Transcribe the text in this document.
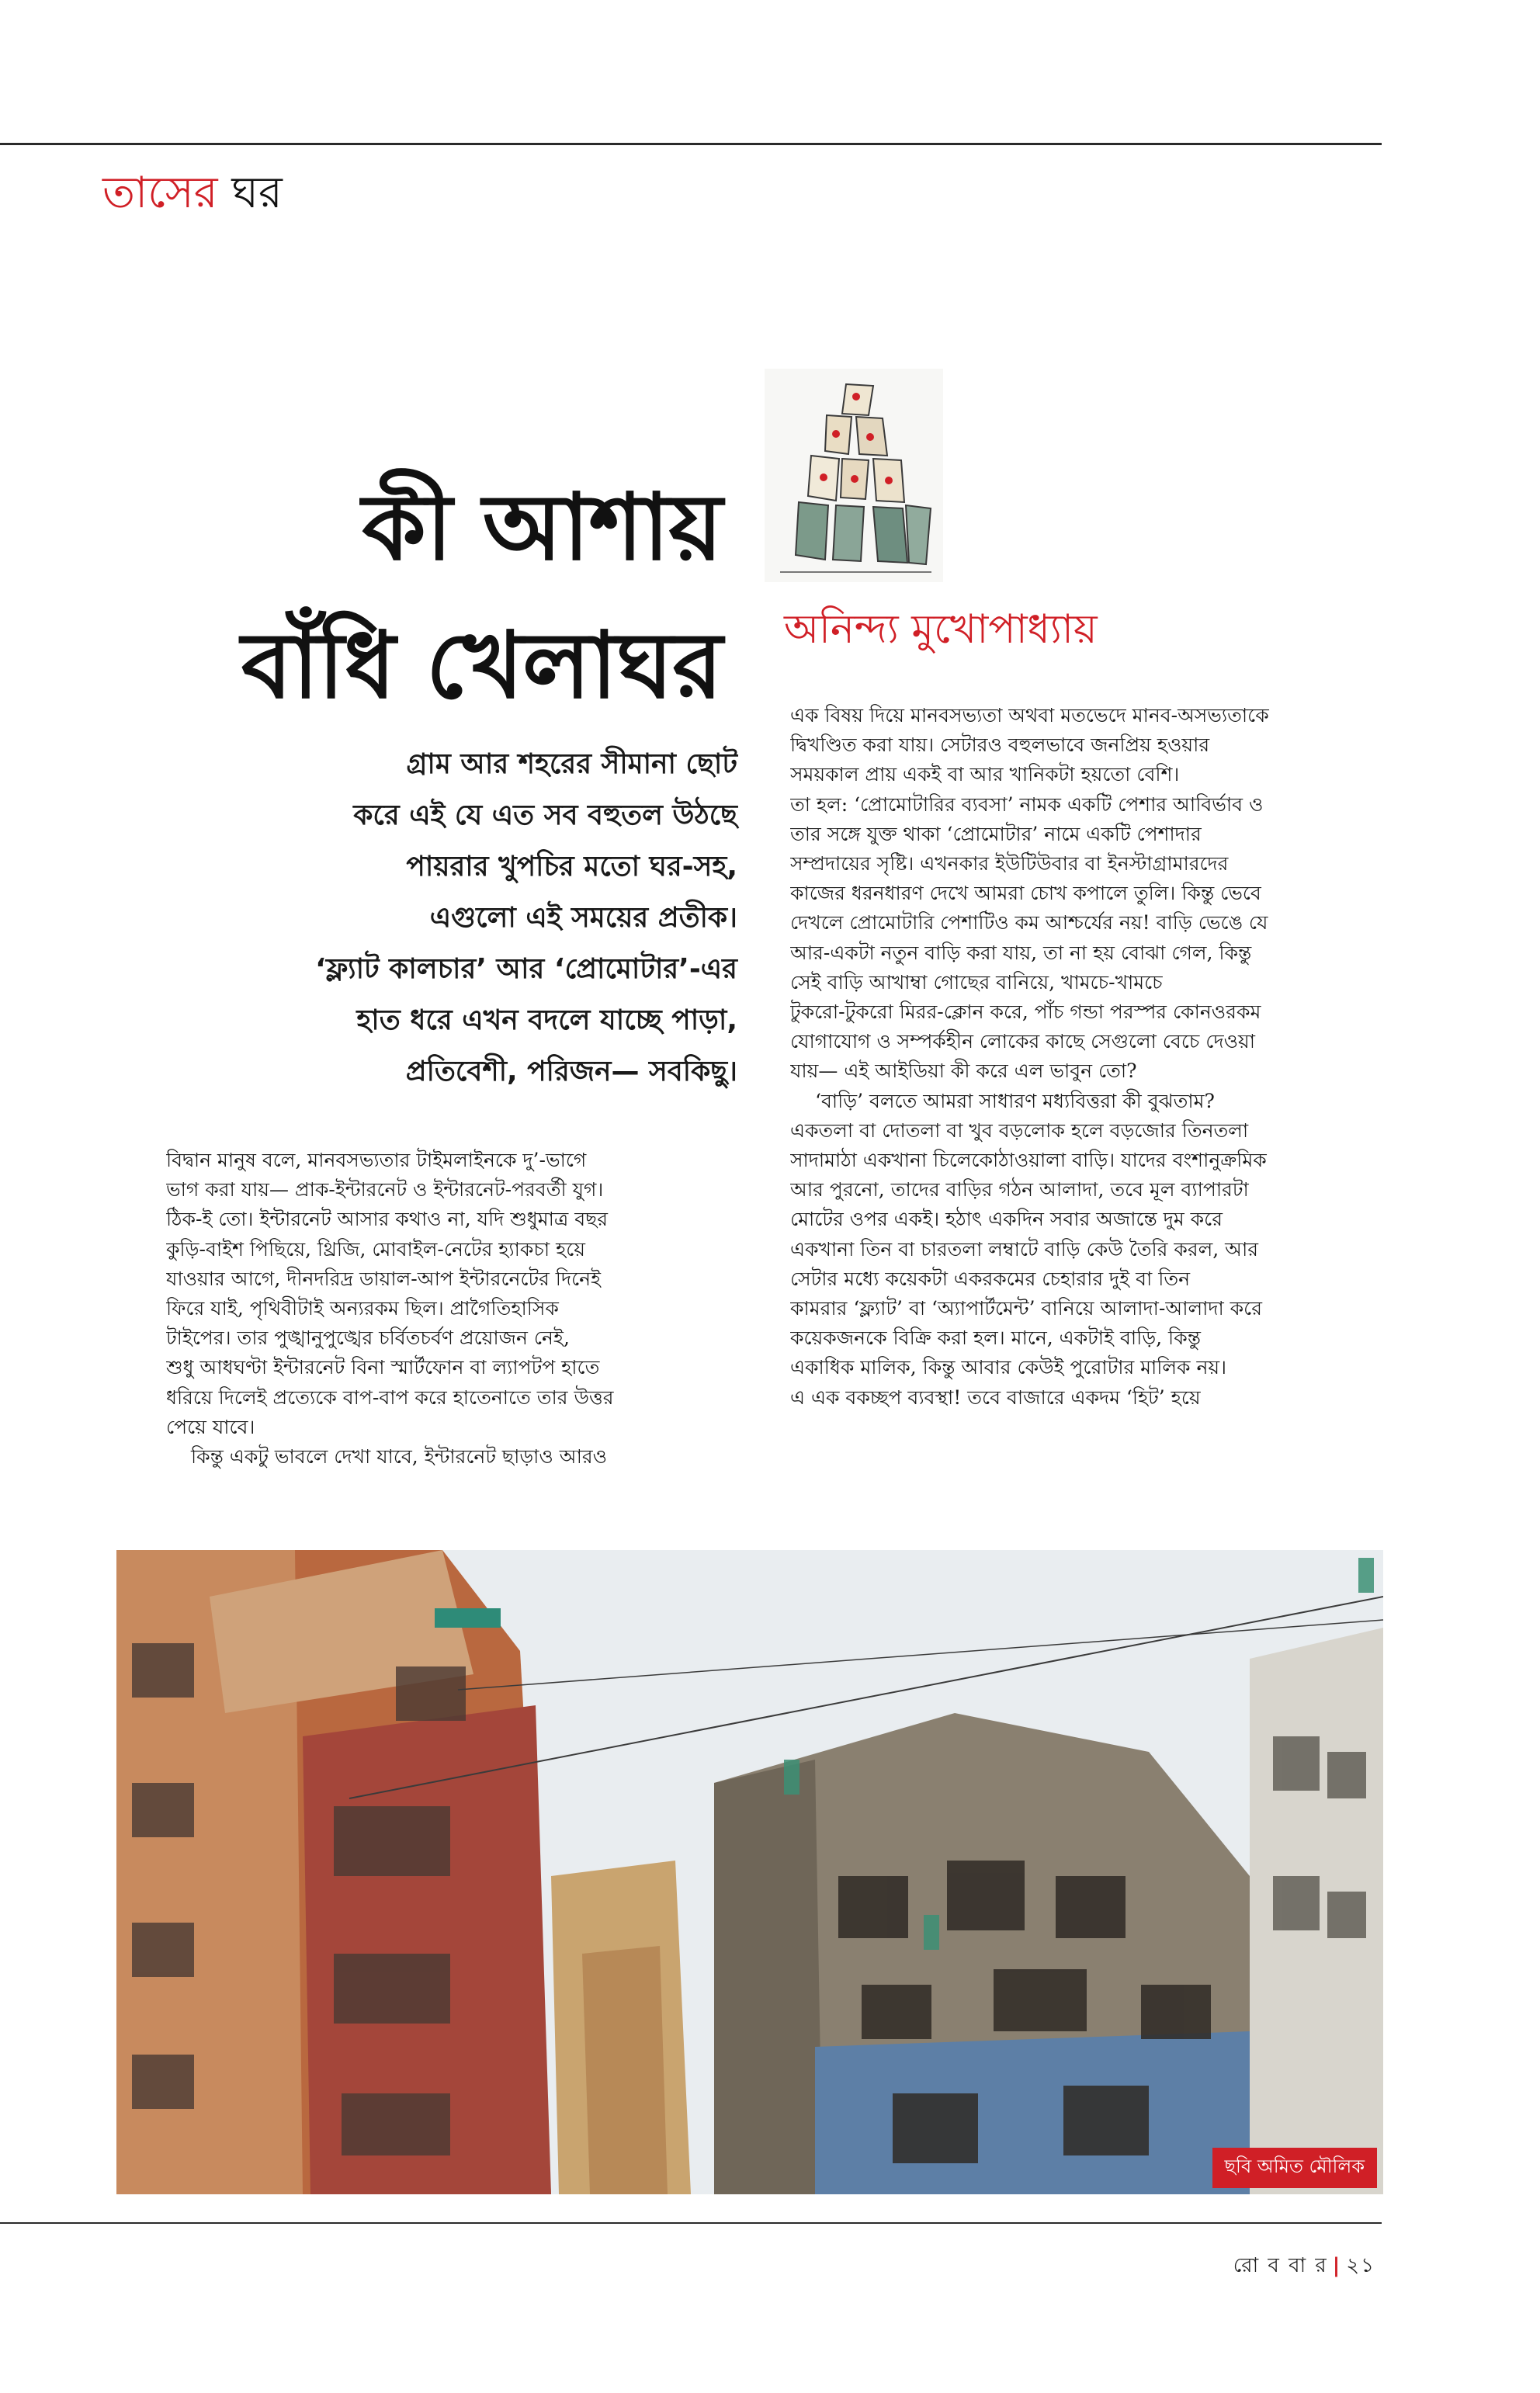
তাসের ঘর
কী আশায়
বাঁধি খেলাঘর অনিন্দ্য মুখোপাধ্যায়
গ্রাম আর শহরের সীমানা ছোট
করে এই যে এত সব বহুতল উঠছে
পায়রার খুপচির মতো ঘর-সহ,
এগুলো এই সময়ের প্রতীক।
‘ফ্ল্যাট কালচার’ আর ‘প্রোমোটার’-এর
হাত ধরে এখন বদলে যাচ্ছে পাড়া,
প্রতিবেশী, পরিজন— সবকিছু।

বিদ্বান মানুষ বলে, মানবসভ্যতার টাইমলাইনকে দু’-ভাগে

ভাগ করা যায়— প্রাক-ইন্টারনেট ও ইন্টারনেট-পরবর্তী যুগ।

ঠিক-ই তো। ইন্টারনেট আসার কথাও না, যদি শুধুমাত্র বছর

কুড়ি-বাইশ পিছিয়ে, থ্রিজি, মোবাইল-নেটের হ্যাকচা হয়ে

যাওয়ার আগে, দীনদরিদ্র ডায়াল-আপ ইন্টারনেটের দিনেই

ফিরে যাই, পৃথিবীটাই অন্যরকম ছিল। প্রাগৈতিহাসিক

টাইপের। তার পুঙ্খানুপুঙ্খের চর্বিতচর্বণ প্রয়োজন নেই,

শুধু আধঘণ্টা ইন্টারনেট বিনা স্মার্টফোন বা ল্যাপটপ হাতে

ধরিয়ে দিলেই প্রত্যেকে বাপ-বাপ করে হাতেনাতে তার উত্তর

পেয়ে যাবে।

কিন্তু একটু ভাবলে দেখা যাবে, ইন্টারনেট ছাড়াও আরও

এক বিষয় দিয়ে মানবসভ্যতা অথবা মতভেদে মানব-অসভ্যতাকে

দ্বিখণ্ডিত করা যায়। সেটারও বহুলভাবে জনপ্রিয় হওয়ার

সময়কাল প্রায় একই বা আর খানিকটা হয়তো বেশি।

তা হল: ‘প্রোমোটারির ব্যবসা’ নামক একটি পেশার আবির্ভাব ও

তার সঙ্গে যুক্ত থাকা ‘প্রোমোটার’ নামে একটি পেশাদার

সম্প্রদায়ের সৃষ্টি। এখনকার ইউটিউবার বা ইনস্টাগ্রামারদের

কাজের ধরনধারণ দেখে আমরা চোখ কপালে তুলি। কিন্তু ভেবে

দেখলে প্রোমোটারি পেশাটিও কম আশ্চর্যের নয়! বাড়ি ভেঙে যে

আর-একটা নতুন বাড়ি করা যায়, তা না হয় বোঝা গেল, কিন্তু

সেই বাড়ি আখাম্বা গোছের বানিয়ে, খামচে-খামচে

টুকরো-টুকরো মিরর-ক্লোন করে, পাঁচ গন্ডা পরস্পর কোনওরকম

যোগাযোগ ও সম্পর্কহীন লোকের কাছে সেগুলো বেচে দেওয়া

যায়— এই আইডিয়া কী করে এল ভাবুন তো?

‘বাড়ি’ বলতে আমরা সাধারণ মধ্যবিত্তরা কী বুঝতাম?

একতলা বা দোতলা বা খুব বড়লোক হলে বড়জোর তিনতলা

সাদামাঠা একখানা চিলেকোঠাওয়ালা বাড়ি। যাদের বংশানুক্রমিক

আর পুরনো, তাদের বাড়ির গঠন আলাদা, তবে মূল ব্যাপারটা

মোটের ওপর একই। হঠাৎ একদিন সবার অজান্তে দুম করে

একখানা তিন বা চারতলা লম্বাটে বাড়ি কেউ তৈরি করল, আর

সেটার মধ্যে কয়েকটা একরকমের চেহারার দুই বা তিন

কামরার ‘ফ্ল্যাট’ বা ‘অ্যাপার্টমেন্ট’ বানিয়ে আলাদা-আলাদা করে

কয়েকজনকে বিক্রি করা হল। মানে, একটাই বাড়ি, কিন্তু

একাধিক মালিক, কিন্তু আবার কেউই পুরোটার মালিক নয়।

এ এক বকচ্ছপ ব্যবস্থা! তবে বাজারে একদম ‘হিট’ হয়ে

ছবি অমিত মৌলিক
রো ব বা র | ২১
